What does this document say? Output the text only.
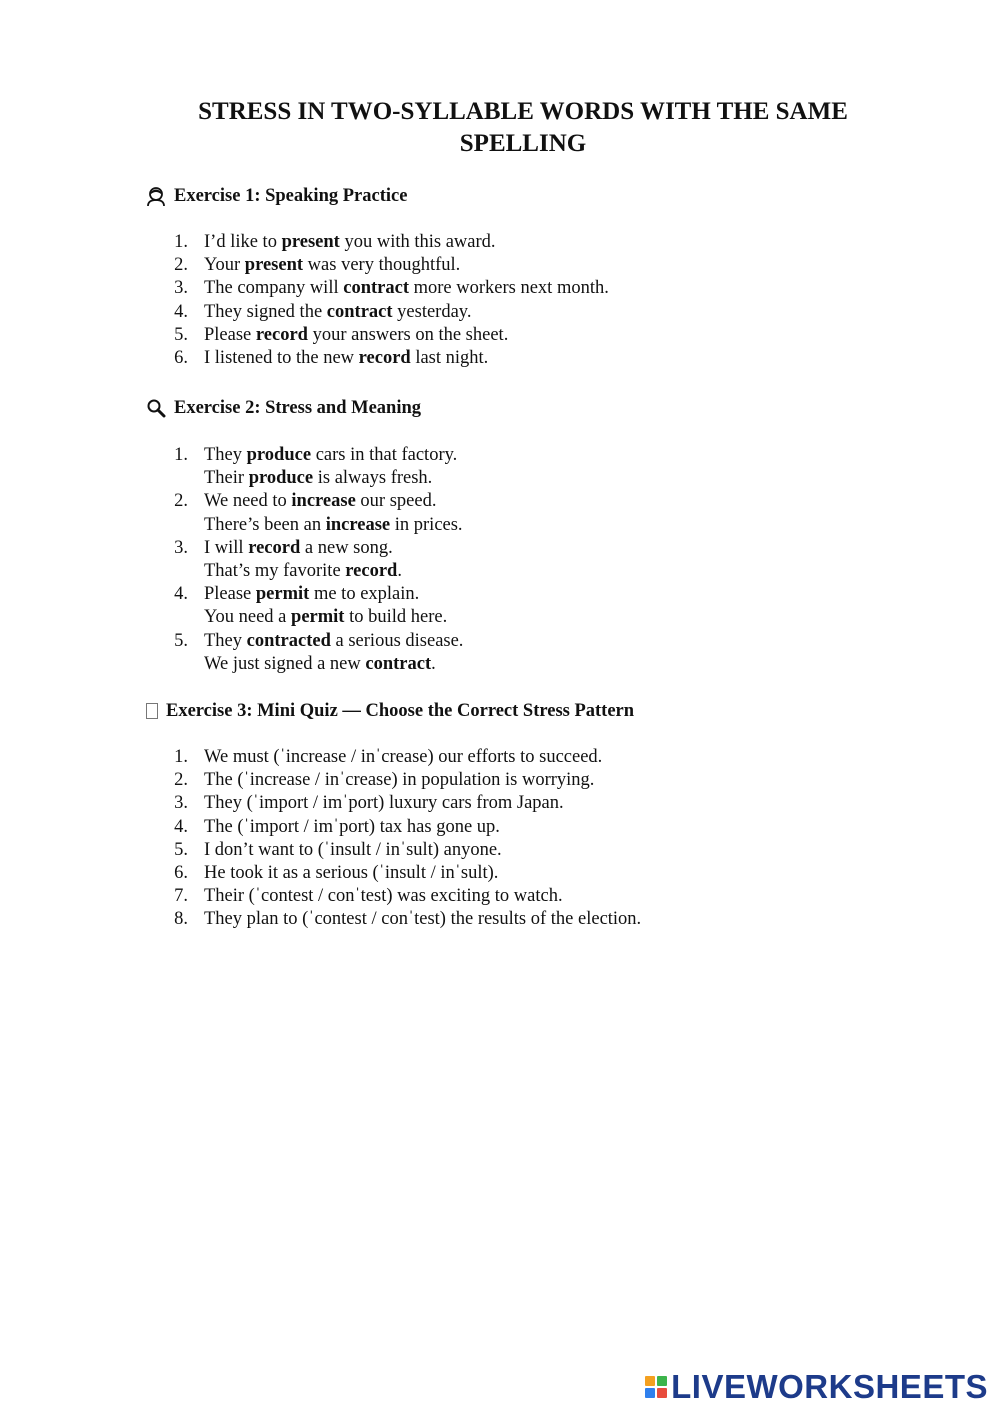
STRESS IN TWO-SYLLABLE WORDS WITH THE SAME SPELLING
Exercise 1: Speaking Practice
1. I’d like to present you with this award.
2. Your present was very thoughtful.
3. The company will contract more workers next month.
4. They signed the contract yesterday.
5. Please record your answers on the sheet.
6. I listened to the new record last night.
Exercise 2: Stress and Meaning
1. They produce cars in that factory.
Their produce is always fresh.
2. We need to increase our speed.
There’s been an increase in prices.
3. I will record a new song.
That’s my favorite record.
4. Please permit me to explain.
You need a permit to build here.
5. They contracted a serious disease.
We just signed a new contract.
Exercise 3: Mini Quiz — Choose the Correct Stress Pattern
1. We must (ˈincrease / inˈcrease) our efforts to succeed.
2. The (ˈincrease / inˈcrease) in population is worrying.
3. They (ˈimport / imˈport) luxury cars from Japan.
4. The (ˈimport / imˈport) tax has gone up.
5. I don’t want to (ˈinsult / inˈsult) anyone.
6. He took it as a serious (ˈinsult / inˈsult).
7. Their (ˈcontest / conˈtest) was exciting to watch.
8. They plan to (ˈcontest / conˈtest) the results of the election.
LIVEWORKSHEETS
